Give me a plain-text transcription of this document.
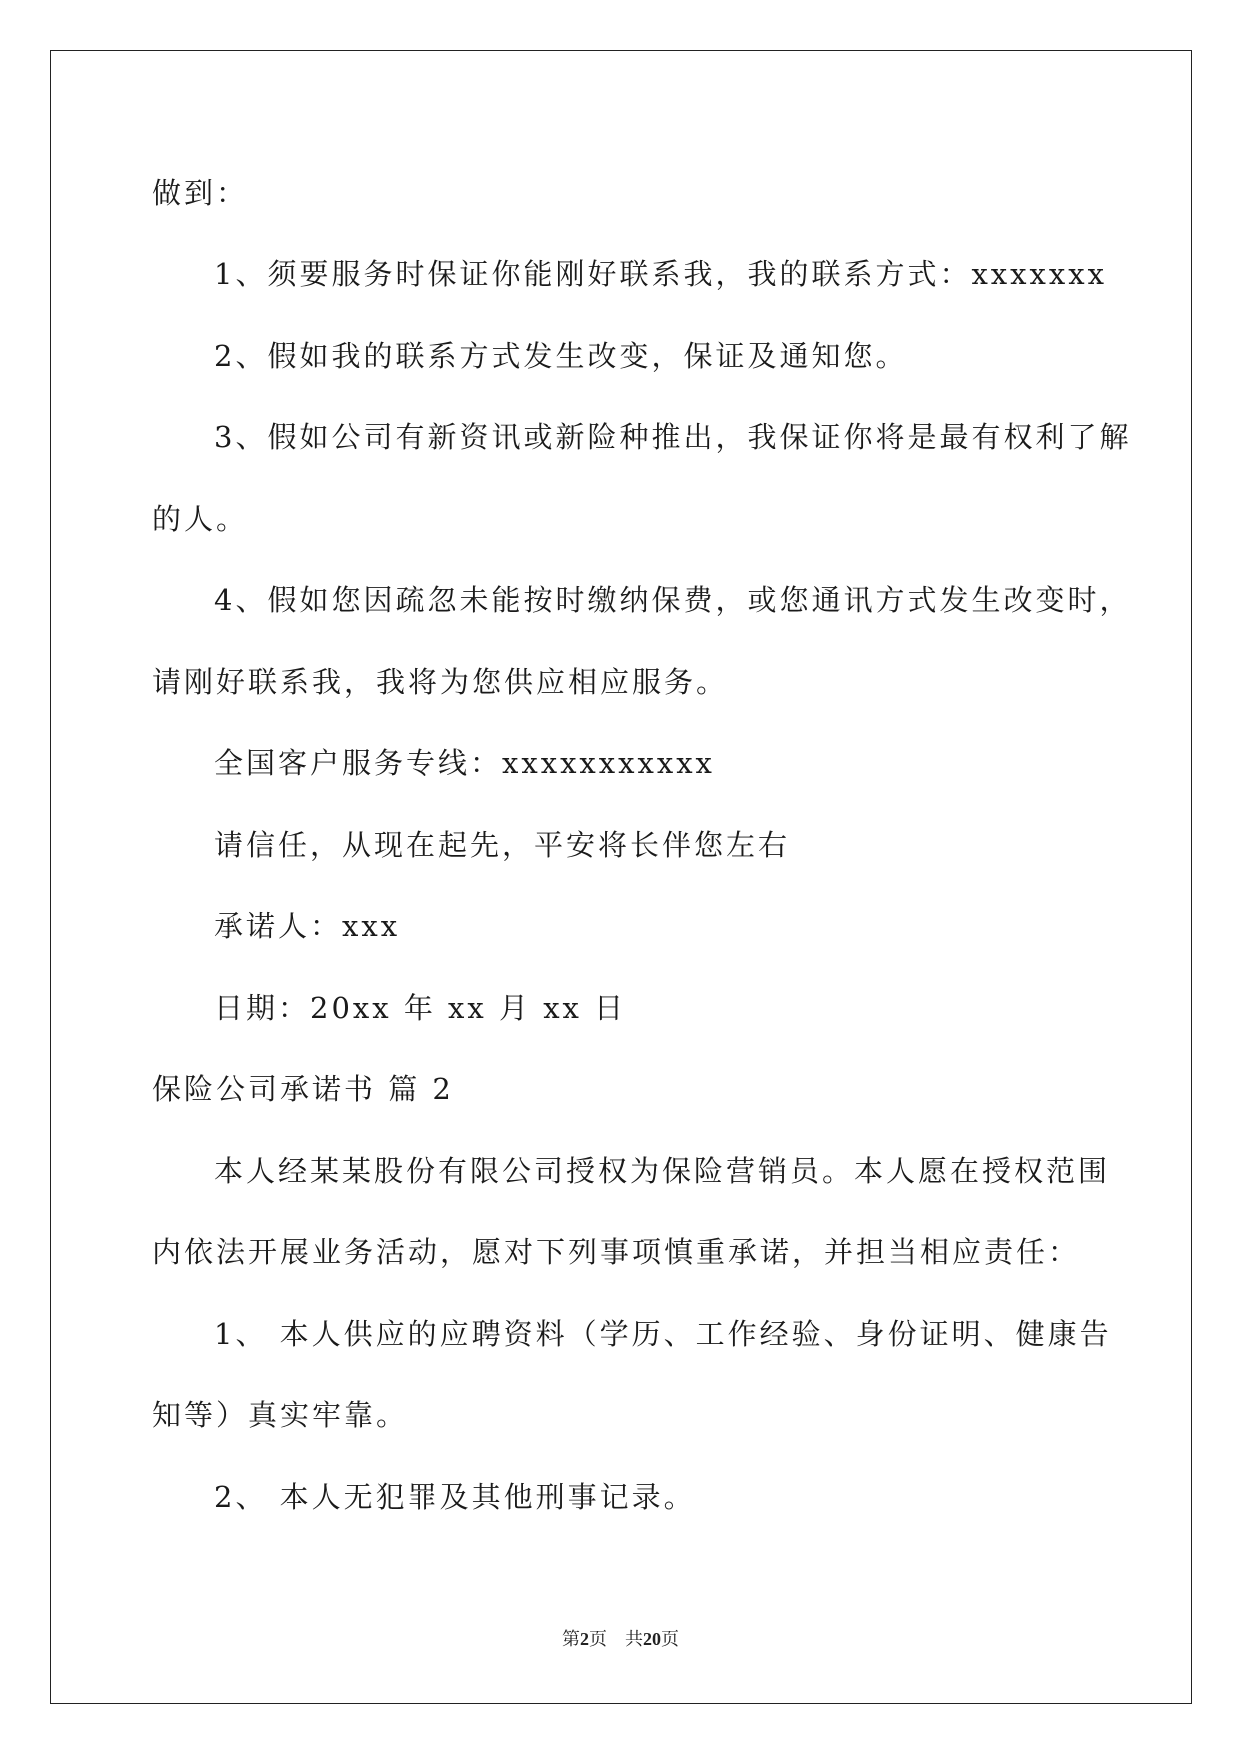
做到：
1、须要服务时保证你能刚好联系我，我的联系方式：xxxxxxx
2、假如我的联系方式发生改变，保证及通知您。
3、假如公司有新资讯或新险种推出，我保证你将是最有权利了解
的人。
4、假如您因疏忽未能按时缴纳保费，或您通讯方式发生改变时，
请刚好联系我，我将为您供应相应服务。
全国客户服务专线：xxxxxxxxxxx
请信任，从现在起先，平安将长伴您左右
承诺人：xxx
日期：20xx 年 xx 月 xx 日
保险公司承诺书 篇 2
本人经某某股份有限公司授权为保险营销员。本人愿在授权范围
内依法开展业务活动，愿对下列事项慎重承诺，并担当相应责任：
1、 本人供应的应聘资料（学历、工作经验、身份证明、健康告
知等）真实牢靠。
2、 本人无犯罪及其他刑事记录。
第2页 共20页
